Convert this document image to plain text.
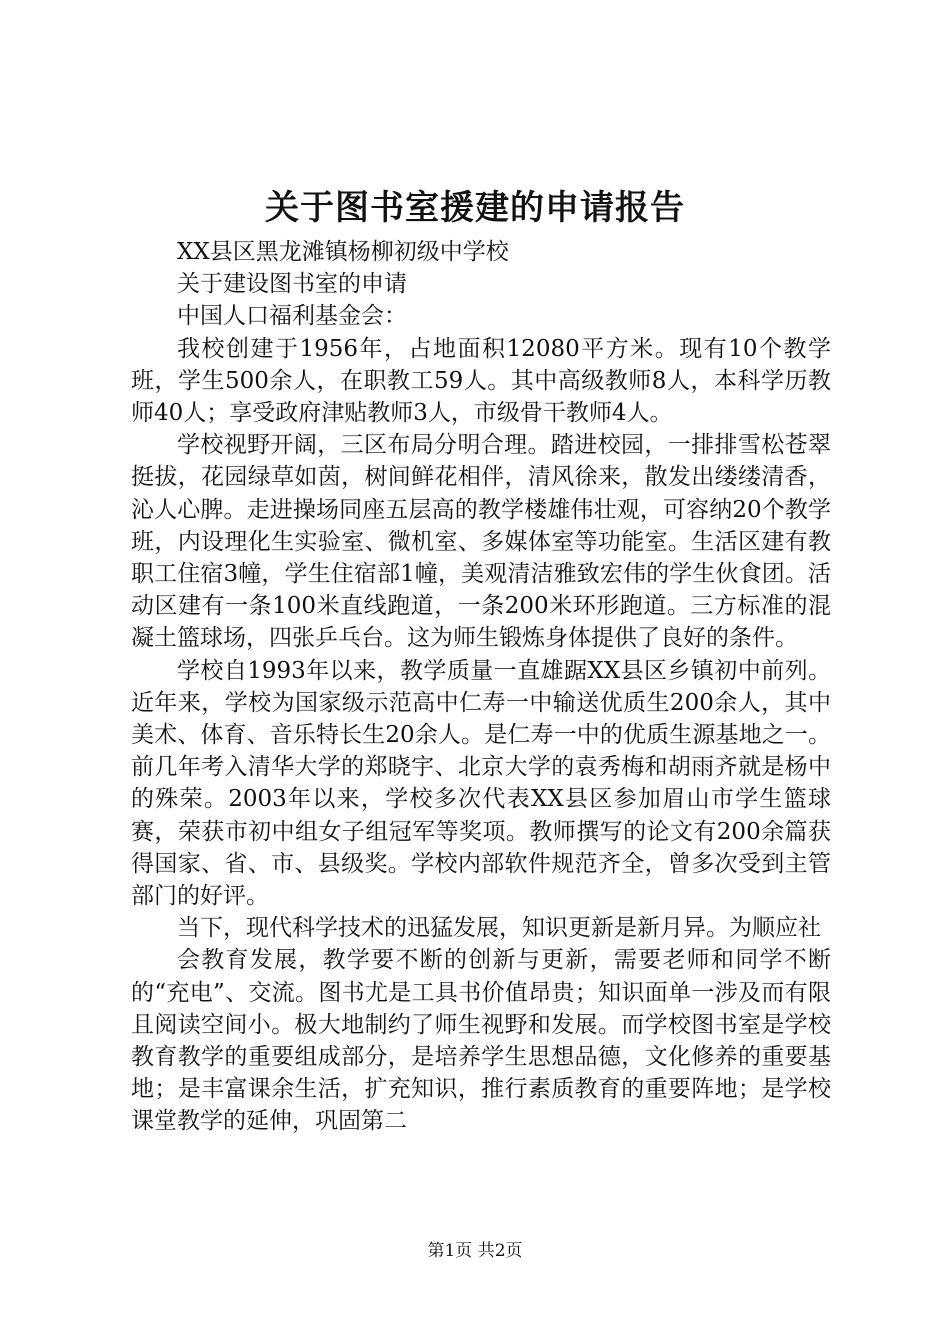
关于图书室援建的申请报告

XX县区黑龙滩镇杨柳初级中学校

关于建设图书室的申请

中国人口福利基金会：

我校创建于1956年，占地面积12080平方米。现有10个教学班，学生500余人，在职教工59人。其中高级教师8人，本科学历教师40人；享受政府津贴教师3人，市级骨干教师4人。

学校视野开阔，三区布局分明合理。踏进校园，一排排雪松苍翠挺拔，花园绿草如茵，树间鲜花相伴，清风徐来，散发出缕缕清香，沁人心脾。走进操场同座五层高的教学楼雄伟壮观，可容纳20个教学班，内设理化生实验室、微机室、多媒体室等功能室。生活区建有教职工住宿3幢，学生住宿部1幢，美观清洁雅致宏伟的学生伙食团。活动区建有一条100米直线跑道，一条200米环形跑道。三方标准的混凝土篮球场，四张乒乓台。这为师生锻炼身体提供了良好的条件。

学校自1993年以来，教学质量一直雄踞XX县区乡镇初中前列。近年来，学校为国家级示范高中仁寿一中输送优质生200余人，其中美术、体育、音乐特长生20余人。是仁寿一中的优质生源基地之一。前几年考入清华大学的郑晓宇、北京大学的袁秀梅和胡雨齐就是杨中的殊荣。2003年以来，学校多次代表XX县区参加眉山市学生篮球赛，荣获市初中组女子组冠军等奖项。教师撰写的论文有200余篇获得国家、省、市、县级奖。学校内部软件规范齐全，曾多次受到主管部门的好评。

当下，现代科学技术的迅猛发展，知识更新是新月异。为顺应社

会教育发展，教学要不断的创新与更新，需要老师和同学不断的“充电”、交流。图书尤是工具书价值昂贵；知识面单一涉及而有限且阅读空间小。极大地制约了师生视野和发展。而学校图书室是学校教育教学的重要组成部分，是培养学生思想品德，文化修养的重要基地；是丰富课余生活，扩充知识，推行素质教育的重要阵地；是学校课堂教学的延伸，巩固第二

第1页 共2页
